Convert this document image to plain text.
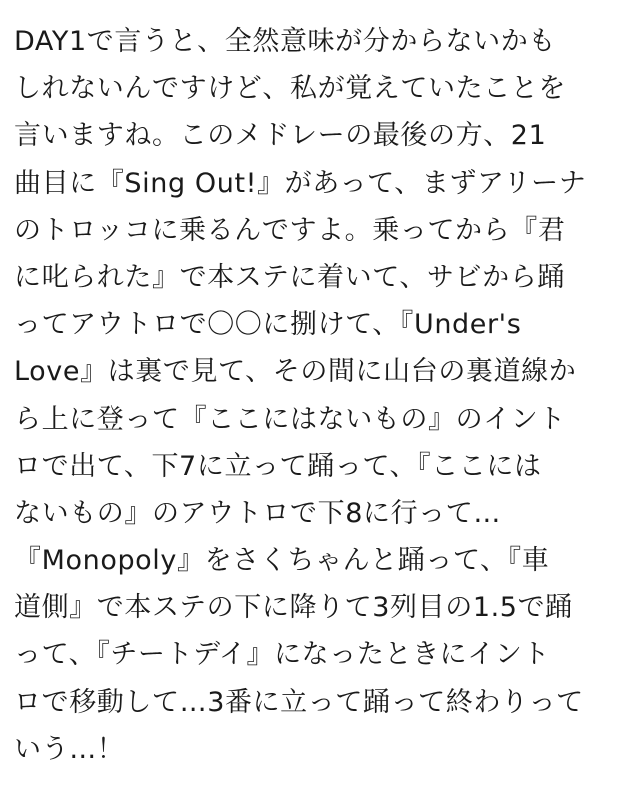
DAY1で言うと、全然意味が分からないかも
しれないんですけど、私が覚えていたことを
言いますね。このメドレーの最後の方、21
曲目に『Sing Out!』があって、まずアリーナ
のトロッコに乗るんですよ。乗ってから『君
に叱られた』で本ステに着いて、サビから踊
ってアウトロで〇〇に捌けて、『Under's
Love』は裏で見て、その間に山台の裏道線か
ら上に登って『ここにはないもの』のイント
ロで出て、下7に立って踊って、『ここには
ないもの』のアウトロで下8に行って…
『Monopoly』をさくちゃんと踊って、『車
道側』で本ステの下に降りて3列目の1.5で踊
って、『チートデイ』になったときにイント
ロで移動して…3番に立って踊って終わりって
いう…！
